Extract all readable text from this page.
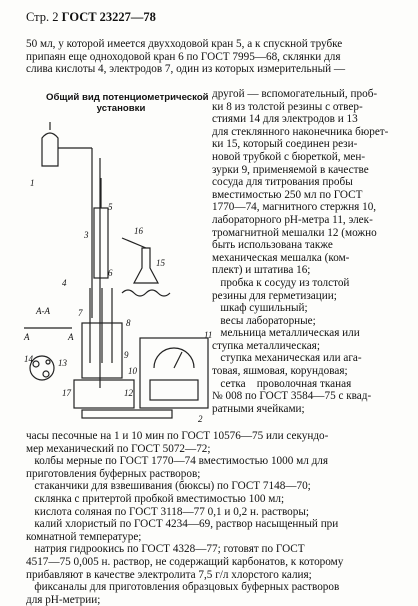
Стр. 2 ГОСТ 23227—78
50 мл, у которой имеется двухходовой кран 5, а к спускной трубке
припаян еще одноходовой кран 6 по ГОСТ 7995—68, склянки для
слива кислоты 4, электродов 7, один из которых измерительный —
Общий вид потенциометрической
установки
А-А
А	А
1
2
3
4
5
6
7
8
9
10
11
12
13
14
15
16
17
другой — вспомогательный, проб-
ки 8 из толстой резины с отвер-
стиями 14 для электродов и 13
для стеклянного наконечника бюрет-
ки 15, который соединен рези-
новой трубкой с бюреткой, мен-
зурки 9, применяемой в качестве
сосуда для титрования пробы
вместимостью 250 мл по ГОСТ
1770—74, магнитного стержня 10,
лабораторного рН-метра 11, элек-
тромагнитной мешалки 12 (можно
быть использована также
механическая мешалка (ком-
плект) и штатива 16;
пробка к сосуду из толстой
резины для герметизации;
шкаф сушильный;
весы лабораторные;
мельница металлическая или
ступка металлическая;
ступка механическая или ага-
товая, яшмовая, корундовая;
сетка    проволочная тканая
№ 008 по ГОСТ 3584—75 с квад-
ратными ячейками;
часы песочные на 1 и 10 мин по ГОСТ 10576—75 или секундо-
мер механический по ГОСТ 5072—72;
колбы мерные по ГОСТ 1770—74 вместимостью 1000 мл для
приготовления буферных растворов;
стаканчики для взвешивания (бюксы) по ГОСТ 7148—70;
склянка с притертой пробкой вместимостью 100 мл;
кислота соляная по ГОСТ 3118—77 0,1 и 0,2 н. растворы;
калий хлористый по ГОСТ 4234—69, раствор насыщенный при
комнатной температуре;
натрия гидроокись по ГОСТ 4328—77; готовят по ГОСТ
4517—75 0,005 н. раствор, не содержащий карбонатов, к которому
прибавляют в качестве электролита 7,5 г/л хлорстого калия;
фиксаналы для приготовления образцовых буферных растворов
для рН-метрии;
